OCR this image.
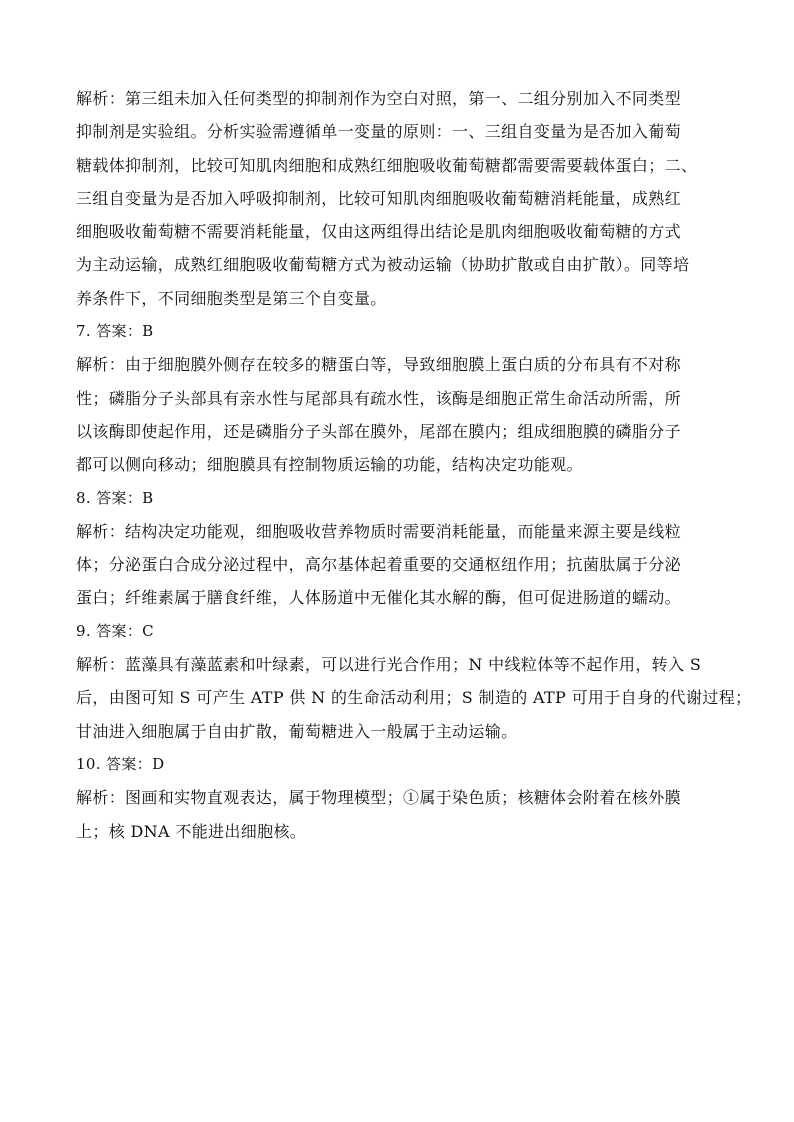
解析：第三组未加入任何类型的抑制剂作为空白对照，第一、二组分别加入不同类型
抑制剂是实验组。分析实验需遵循单一变量的原则：一、三组自变量为是否加入葡萄
糖载体抑制剂，比较可知肌肉细胞和成熟红细胞吸收葡萄糖都需要需要载体蛋白；二、
三组自变量为是否加入呼吸抑制剂，比较可知肌肉细胞吸收葡萄糖消耗能量，成熟红
细胞吸收葡萄糖不需要消耗能量，仅由这两组得出结论是肌肉细胞吸收葡萄糖的方式
为主动运输，成熟红细胞吸收葡萄糖方式为被动运输（协助扩散或自由扩散）。同等培
养条件下，不同细胞类型是第三个自变量。
7. 答案：B
解析：由于细胞膜外侧存在较多的糖蛋白等，导致细胞膜上蛋白质的分布具有不对称
性；磷脂分子头部具有亲水性与尾部具有疏水性，该酶是细胞正常生命活动所需，所
以该酶即使起作用，还是磷脂分子头部在膜外，尾部在膜内；组成细胞膜的磷脂分子
都可以侧向移动；细胞膜具有控制物质运输的功能，结构决定功能观。
8. 答案：B
解析：结构决定功能观，细胞吸收营养物质时需要消耗能量，而能量来源主要是线粒
体；分泌蛋白合成分泌过程中，高尔基体起着重要的交通枢纽作用；抗菌肽属于分泌
蛋白；纤维素属于膳食纤维，人体肠道中无催化其水解的酶，但可促进肠道的蠕动。
9. 答案：C
解析：蓝藻具有藻蓝素和叶绿素，可以进行光合作用；N 中线粒体等不起作用，转入 S
后，由图可知 S 可产生 ATP 供 N 的生命活动利用；S 制造的 ATP 可用于自身的代谢过程；
甘油进入细胞属于自由扩散，葡萄糖进入一般属于主动运输。
10. 答案：D
解析：图画和实物直观表达，属于物理模型；①属于染色质；核糖体会附着在核外膜
上；核 DNA 不能进出细胞核。
